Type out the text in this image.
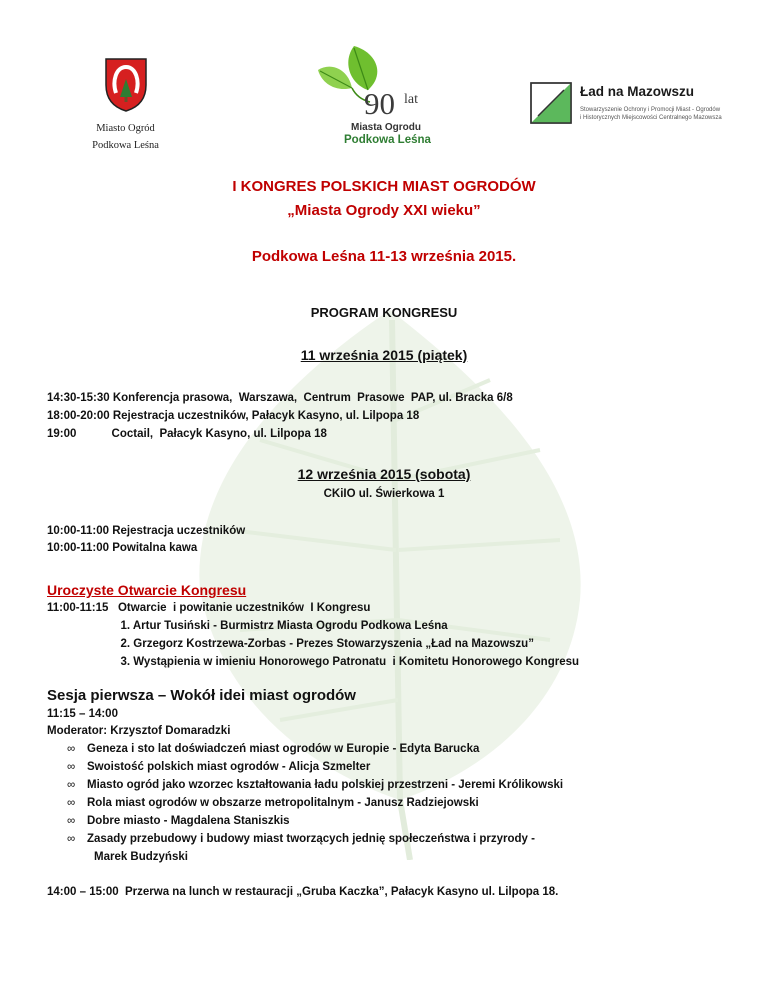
Miasto Ogród
Podkowa Leśna
90 lat
Miasta Ogrodu
Podkowa Leśna
Ład na Mazowszu
Stowarzyszenie Ochrony i Promocji Miast - Ogrodów
i Historycznych Miejscowości Centralnego Mazowsza
I KONGRES POLSKICH MIAST OGRODÓW
„Miasta Ogrody XXI wieku”
Podkowa Leśna 11-13 września 2015.
PROGRAM KONGRESU
11 września 2015 (piątek)
14:30-15:30 Konferencja prasowa,  Warszawa,  Centrum  Prasowe  PAP, ul. Bracka 6/8
18:00-20:00 Rejestracja uczestników, Pałacyk Kasyno, ul. Lilpopa 18
19:00           Coctail,  Pałacyk Kasyno, ul. Lilpopa 18
12 września 2015 (sobota)
CKiIO ul. Świerkowa 1
10:00-11:00 Rejestracja uczestników
10:00-11:00 Powitalna kawa
Uroczyste Otwarcie Kongresu
11:00-11:15   Otwarcie  i powitanie uczestników  I Kongresu
1. Artur Tusiński - Burmistrz Miasta Ogrodu Podkowa Leśna
2. Grzegorz Kostrzewa-Zorbas - Prezes Stowarzyszenia „Ład na Mazowszu”
3. Wystąpienia w imieniu Honorowego Patronatu  i Komitetu Honorowego Kongresu
Sesja pierwsza – Wokół idei miast ogrodów
11:15 – 14:00
Moderator: Krzysztof Domaradzki
∞ Geneza i sto lat doświadczeń miast ogrodów w Europie - Edyta Barucka
∞ Swoistość polskich miast ogrodów - Alicja Szmelter
∞ Miasto ogród jako wzorzec kształtowania ładu polskiej przestrzeni - Jeremi Królikowski
∞ Rola miast ogrodów w obszarze metropolitalnym - Janusz Radziejowski
∞ Dobre miasto - Magdalena Staniszkis
∞ Zasady przebudowy i budowy miast tworzących jednię społeczeństwa i przyrody -
Marek Budzyński
14:00 – 15:00  Przerwa na lunch w restauracji „Gruba Kaczka”, Pałacyk Kasyno ul. Lilpopa 18.
